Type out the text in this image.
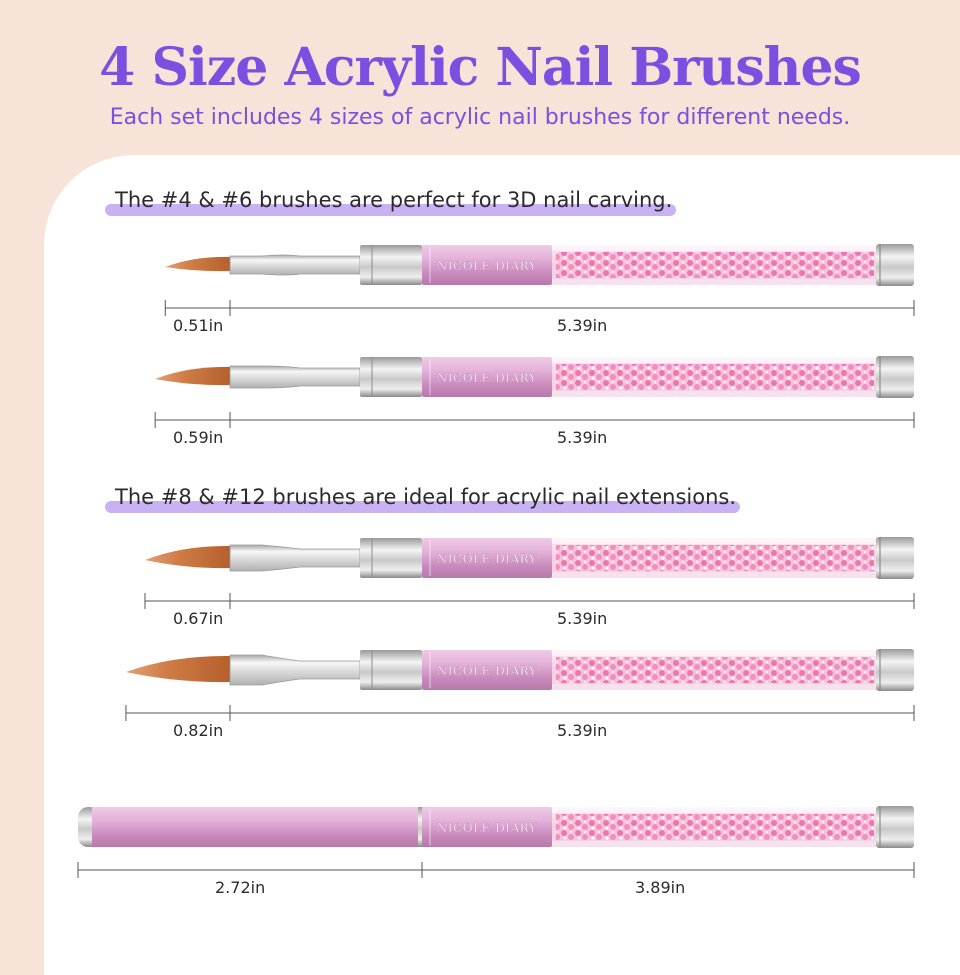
4 Size Acrylic Nail Brushes
Each set includes 4 sizes of acrylic nail brushes for different needs.
The #4 & #6 brushes are perfect for 3D nail carving.
The #8 & #12 brushes are ideal for acrylic nail extensions.
NICOLE DIARY
NICOLE DIARY
NICOLE DIARY
NICOLE DIARY
NICOLE DIARY
0.51in	5.39in
0.59in	5.39in
0.67in	5.39in
0.82in	5.39in
2.72in	3.89in
